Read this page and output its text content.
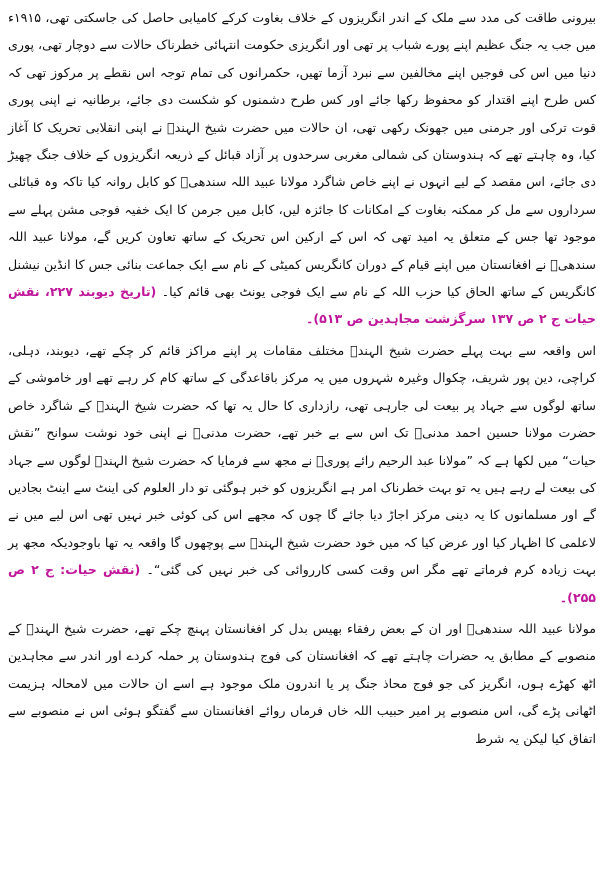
بیرونی طاقت کی مدد سے ملک کے اندر انگریزوں کے خلاف بغاوت کرکے کامیابی حاصل کی جاسکتی تھی، ۱۹۱۵ء میں جب یہ جنگ عظیم اپنے پورے شباب پر تھی اور انگریزی حکومت انتہائی خطرناک حالات سے دوچار تھی، پوری دنیا میں اس کی فوجیں اپنے مخالفین سے نبرد آزما تھیں، حکمرانوں کی تمام توجہ اس نقطے پر مرکوز تھی کہ کس طرح اپنے اقتدار کو محفوظ رکھا جائے اور کس طرح دشمنوں کو شکست دی جائے، برطانیہ نے اپنی پوری قوت ترکی اور جرمنی میں جھونک رکھی تھی، ان حالات میں حضرت شیخ الہندؒ نے اپنی انقلابی تحریک کا آغاز کیا، وہ چاہتے تھے کہ ہندوستان کی شمالی مغربی سرحدوں پر آزاد قبائل کے ذریعہ انگریزوں کے خلاف جنگ چھیڑ دی جائے، اس مقصد کے لیے انہوں نے اپنے خاص شاگرد مولانا عبید اللہ سندھیؒ کو کابل روانہ کیا تاکہ وہ قبائلی سرداروں سے مل کر ممکنہ بغاوت کے امکانات کا جائزہ لیں، کابل میں جرمن کا ایک خفیہ فوجی مشن پہلے سے موجود تھا جس کے متعلق یہ امید تھی کہ اس کے ارکین اس تحریک کے ساتھ تعاون کریں گے، مولانا عبید اللہ سندھیؒ نے افغانستان میں اپنے قیام کے دوران کانگریس کمیٹی کے نام سے ایک جماعت بنائی جس کا انڈین نیشنل کانگریس کے ساتھ الحاق کیا حزب اللہ کے نام سے ایک فوجی یونٹ بھی قائم کیا۔ (تاریخ دیوبند ۲۲۷، نقش حیات ج ۲ ص ۱۳۷ سرگزشت مجاہدین ص ۵۱۳)۔

اس واقعہ سے بہت پہلے حضرت شیخ الہندؒ مختلف مقامات پر اپنے مراکز قائم کر چکے تھے، دیوبند، دہلی، کراچی، دین پور شریف، چکوال وغیرہ شہروں میں یہ مرکز باقاعدگی کے ساتھ کام کر رہے تھے اور خاموشی کے ساتھ لوگوں سے جہاد پر بیعت لی جارہی تھی، رازداری کا حال یہ تھا کہ حضرت شیخ الہندؒ کے شاگرد خاص حضرت مولانا حسین احمد مدنیؒ تک اس سے بے خبر تھے، حضرت مدنیؒ نے اپنی خود نوشت سوانح ”نقش حیات“ میں لکھا ہے کہ ”مولانا عبد الرحیم رائے پوریؒ نے مجھ سے فرمایا کہ حضرت شیخ الہندؒ لوگوں سے جہاد کی بیعت لے رہے ہیں یہ تو بہت خطرناک امر ہے انگریزوں کو خبر ہوگئی تو دار العلوم کی اینٹ سے اینٹ بجادیں گے اور مسلمانوں کا یہ دینی مرکز اجاڑ دیا جائے گا چوں کہ مجھے اس کی کوئی خبر نہیں تھی اس لیے میں نے لاعلمی کا اظہار کیا اور عرض کیا کہ میں خود حضرت شیخ الہندؒ سے پوچھوں گا واقعہ یہ تھا باوجودیکہ مجھ پر بہت زیادہ کرم فرماتے تھے مگر اس وقت کسی کارروائی کی خبر نہیں کی گئی“۔ (نقش حیات: ج ۲ ص ۲۵۵)۔

مولانا عبید اللہ سندھیؒ اور ان کے بعض رفقاء بھیس بدل کر افغانستان پہنچ چکے تھے، حضرت شیخ الہندؒ کے منصوبے کے مطابق یہ حضرات چاہتے تھے کہ افغانستان کی فوج ہندوستان پر حملہ کردے اور اندر سے مجاہدین اٹھ کھڑے ہوں، انگریز کی جو فوج محاذ جنگ پر یا اندرون ملک موجود ہے اسے ان حالات میں لامحالہ ہزیمت اٹھانی پڑے گی، اس منصوبے پر امیر حبیب اللہ خاں فرماں روائے افغانستان سے گفتگو ہوئی اس نے منصوبے سے اتفاق کیا لیکن یہ شرط
